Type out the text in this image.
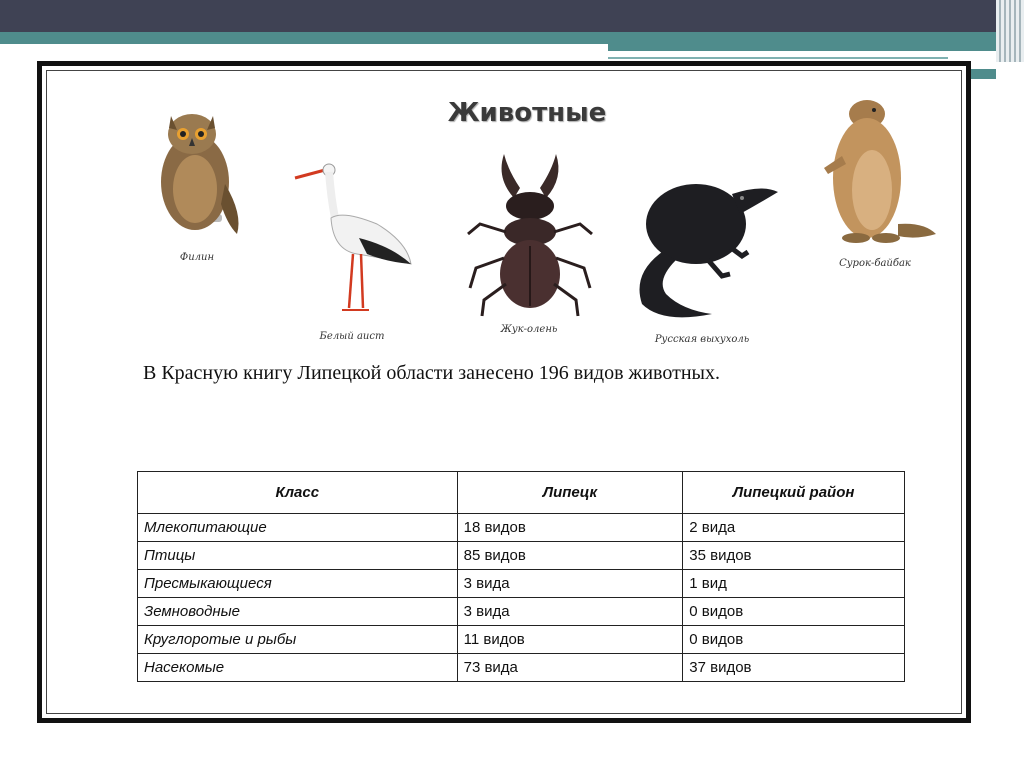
Животные
Филин
Белый аист
Жук-олень
Русская выхухоль
Сурок-байбак
В Красную книгу Липецкой области занесено 196 видов животных.
Класс	Липецк	Липецкий район
Млекопитающие	18 видов	2 вида
Птицы	85 видов	35 видов
Пресмыкающиеся	3 вида	1 вид
Земноводные	3 вида	0 видов
Круглоротые и рыбы	11 видов	0 видов
Насекомые	73 вида	37 видов
